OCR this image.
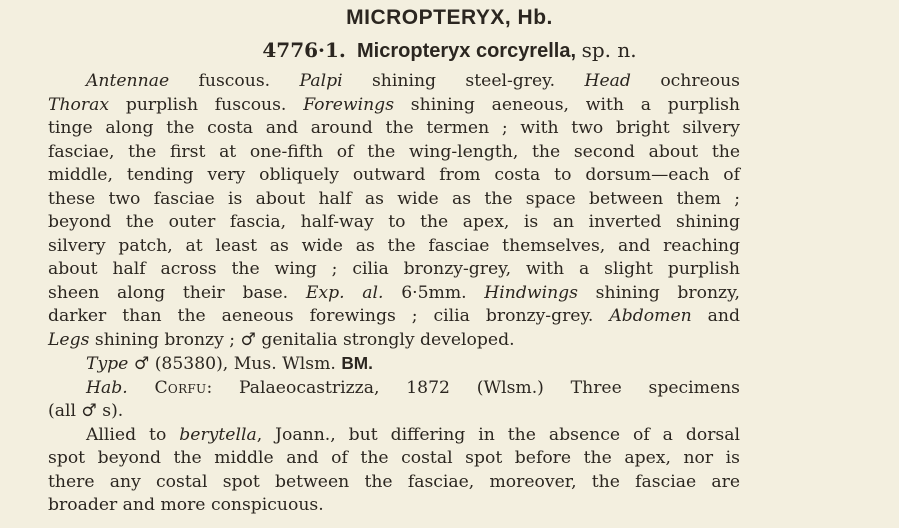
MICROPTERYX, Hb.
4776·1. Micropteryx corcyrella, sp. n.
Antennae fuscous. Palpi shining steel-grey. Head ochreous
Thorax purplish fuscous. Forewings shining aeneous, with a purplish
tinge along the costa and around the termen ; with two bright silvery
fasciae, the first at one-fifth of the wing-length, the second about the
middle, tending very obliquely outward from costa to dorsum—each of
these two fasciae is about half as wide as the space between them ;
beyond the outer fascia, half-way to the apex, is an inverted shining
silvery patch, at least as wide as the fasciae themselves, and reaching
about half across the wing ; cilia bronzy-grey, with a slight purplish
sheen along their base. Exp. al. 6·5mm. Hindwings shining bronzy,
darker than the aeneous forewings ; cilia bronzy-grey. Abdomen and
Legs shining bronzy ; ♂ genitalia strongly developed.
Type ♂ (85380), Mus. Wlsm. BM.
Hab. Corfu: Palaeocastrizza, 1872 (Wlsm.) Three specimens
(all ♂ s).
Allied to berytella, Joann., but differing in the absence of a dorsal
spot beyond the middle and of the costal spot before the apex, nor is
there any costal spot between the fasciae, moreover, the fasciae are
broader and more conspicuous.
